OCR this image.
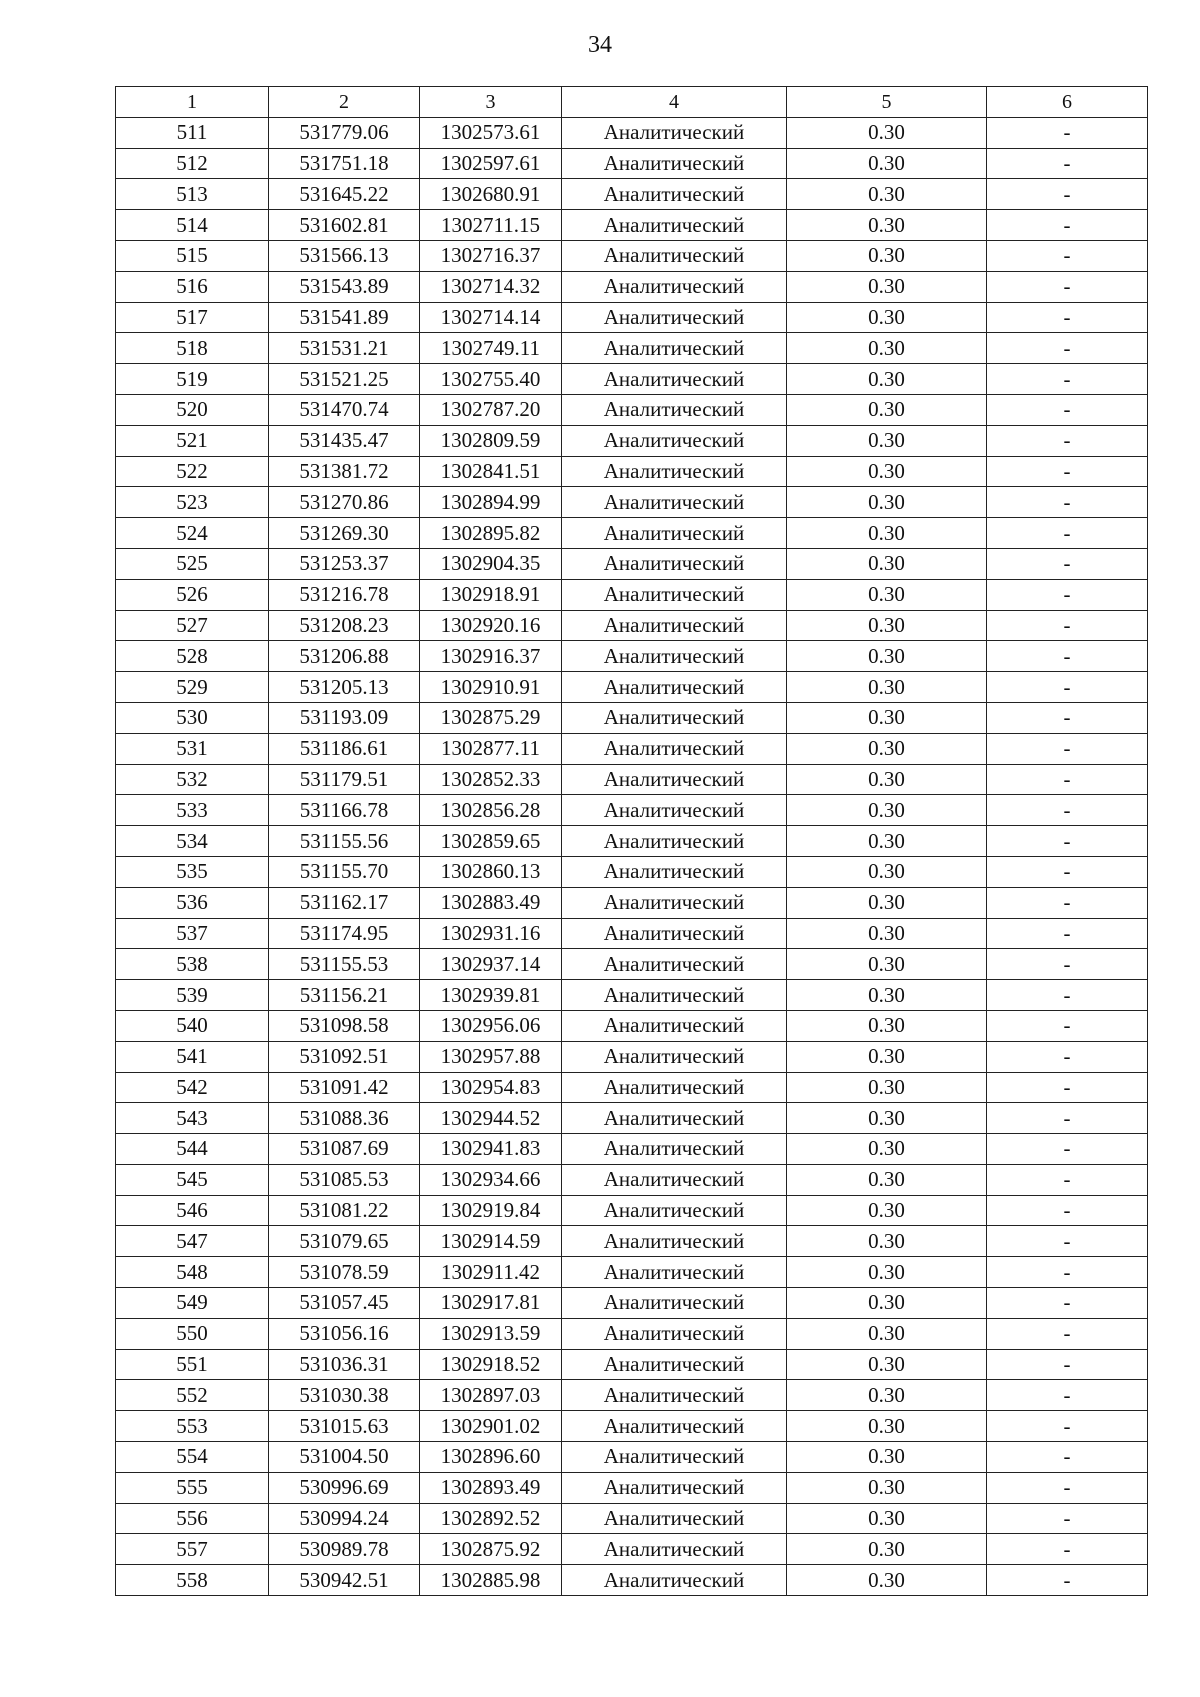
34
1	2	3	4	5	6
511	531779.06	1302573.61	Аналитический	0.30	-
512	531751.18	1302597.61	Аналитический	0.30	-
513	531645.22	1302680.91	Аналитический	0.30	-
514	531602.81	1302711.15	Аналитический	0.30	-
515	531566.13	1302716.37	Аналитический	0.30	-
516	531543.89	1302714.32	Аналитический	0.30	-
517	531541.89	1302714.14	Аналитический	0.30	-
518	531531.21	1302749.11	Аналитический	0.30	-
519	531521.25	1302755.40	Аналитический	0.30	-
520	531470.74	1302787.20	Аналитический	0.30	-
521	531435.47	1302809.59	Аналитический	0.30	-
522	531381.72	1302841.51	Аналитический	0.30	-
523	531270.86	1302894.99	Аналитический	0.30	-
524	531269.30	1302895.82	Аналитический	0.30	-
525	531253.37	1302904.35	Аналитический	0.30	-
526	531216.78	1302918.91	Аналитический	0.30	-
527	531208.23	1302920.16	Аналитический	0.30	-
528	531206.88	1302916.37	Аналитический	0.30	-
529	531205.13	1302910.91	Аналитический	0.30	-
530	531193.09	1302875.29	Аналитический	0.30	-
531	531186.61	1302877.11	Аналитический	0.30	-
532	531179.51	1302852.33	Аналитический	0.30	-
533	531166.78	1302856.28	Аналитический	0.30	-
534	531155.56	1302859.65	Аналитический	0.30	-
535	531155.70	1302860.13	Аналитический	0.30	-
536	531162.17	1302883.49	Аналитический	0.30	-
537	531174.95	1302931.16	Аналитический	0.30	-
538	531155.53	1302937.14	Аналитический	0.30	-
539	531156.21	1302939.81	Аналитический	0.30	-
540	531098.58	1302956.06	Аналитический	0.30	-
541	531092.51	1302957.88	Аналитический	0.30	-
542	531091.42	1302954.83	Аналитический	0.30	-
543	531088.36	1302944.52	Аналитический	0.30	-
544	531087.69	1302941.83	Аналитический	0.30	-
545	531085.53	1302934.66	Аналитический	0.30	-
546	531081.22	1302919.84	Аналитический	0.30	-
547	531079.65	1302914.59	Аналитический	0.30	-
548	531078.59	1302911.42	Аналитический	0.30	-
549	531057.45	1302917.81	Аналитический	0.30	-
550	531056.16	1302913.59	Аналитический	0.30	-
551	531036.31	1302918.52	Аналитический	0.30	-
552	531030.38	1302897.03	Аналитический	0.30	-
553	531015.63	1302901.02	Аналитический	0.30	-
554	531004.50	1302896.60	Аналитический	0.30	-
555	530996.69	1302893.49	Аналитический	0.30	-
556	530994.24	1302892.52	Аналитический	0.30	-
557	530989.78	1302875.92	Аналитический	0.30	-
558	530942.51	1302885.98	Аналитический	0.30	-
